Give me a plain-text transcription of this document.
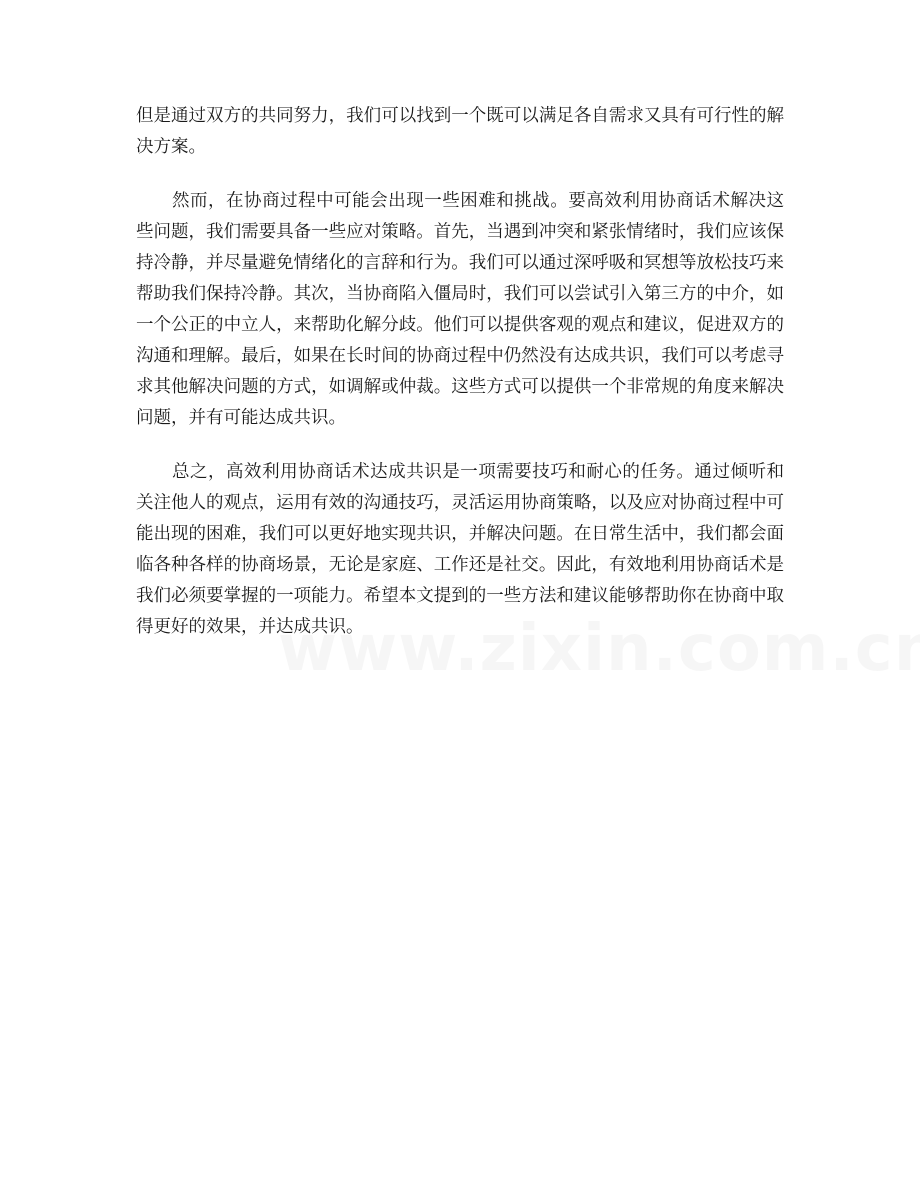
但是通过双方的共同努力，我们可以找到一个既可以满足各自需求又具有可行性的解决方案。

然而，在协商过程中可能会出现一些困难和挑战。要高效利用协商话术解决这些问题，我们需要具备一些应对策略。首先，当遇到冲突和紧张情绪时，我们应该保持冷静，并尽量避免情绪化的言辞和行为。我们可以通过深呼吸和冥想等放松技巧来帮助我们保持冷静。其次，当协商陷入僵局时，我们可以尝试引入第三方的中介，如一个公正的中立人，来帮助化解分歧。他们可以提供客观的观点和建议，促进双方的沟通和理解。最后，如果在长时间的协商过程中仍然没有达成共识，我们可以考虑寻求其他解决问题的方式，如调解或仲裁。这些方式可以提供一个非常规的角度来解决问题，并有可能达成共识。

总之，高效利用协商话术达成共识是一项需要技巧和耐心的任务。通过倾听和关注他人的观点，运用有效的沟通技巧，灵活运用协商策略，以及应对协商过程中可能出现的困难，我们可以更好地实现共识，并解决问题。在日常生活中，我们都会面临各种各样的协商场景，无论是家庭、工作还是社交。因此，有效地利用协商话术是我们必须要掌握的一项能力。希望本文提到的一些方法和建议能够帮助你在协商中取得更好的效果，并达成共识。
